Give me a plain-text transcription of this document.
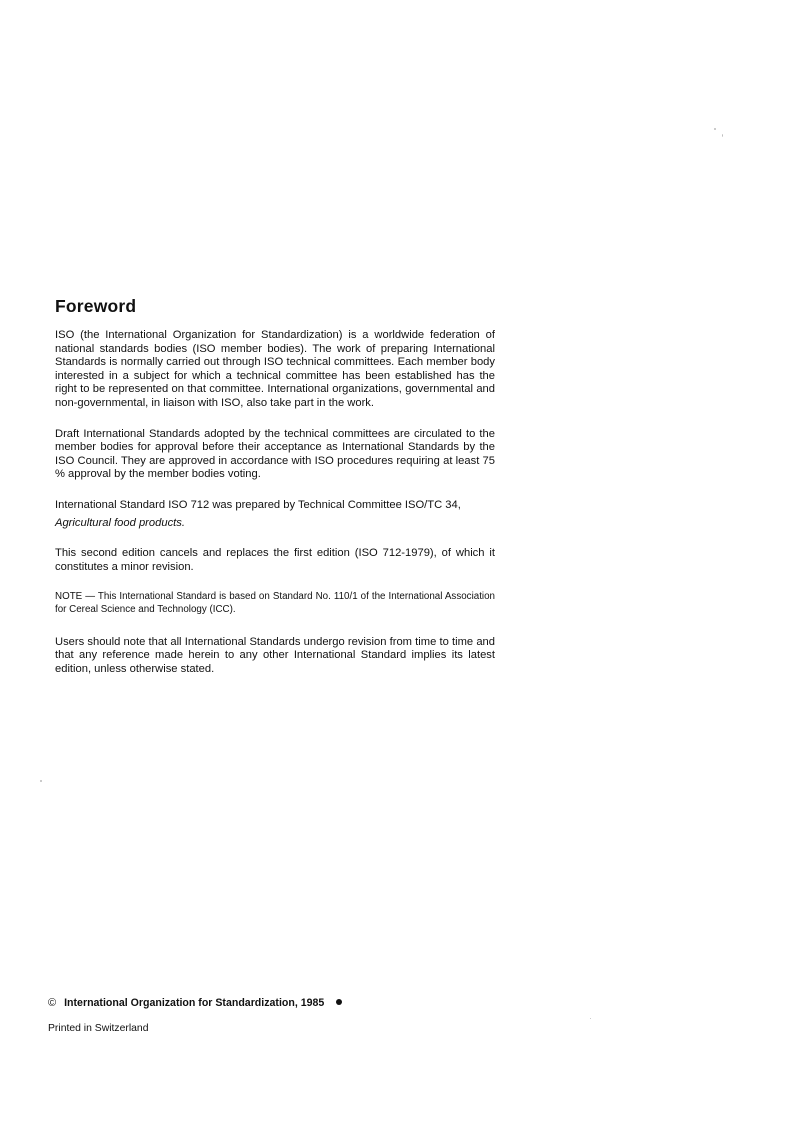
Foreword

ISO (the International Organization for Standardization) is a worldwide federation of national standards bodies (ISO member bodies). The work of preparing International Standards is normally carried out through ISO technical committees. Each member body interested in a subject for which a technical committee has been established has the right to be represented on that committee. International organizations, governmental and non-governmental, in liaison with ISO, also take part in the work.

Draft International Standards adopted by the technical committees are circulated to the member bodies for approval before their acceptance as International Standards by the ISO Council. They are approved in accordance with ISO procedures requiring at least 75 % approval by the member bodies voting.

International Standard ISO 712 was prepared by Technical Committee ISO/TC 34,

Agricultural food products.

This second edition cancels and replaces the first edition (ISO 712-1979), of which it constitutes a minor revision.

NOTE — This International Standard is based on Standard No. 110/1 of the International Association for Cereal Science and Technology (ICC).

Users should note that all International Standards undergo revision from time to time and that any reference made herein to any other International Standard implies its latest edition, unless otherwise stated.

© International Organization for Standardization, 1985
Printed in Switzerland
